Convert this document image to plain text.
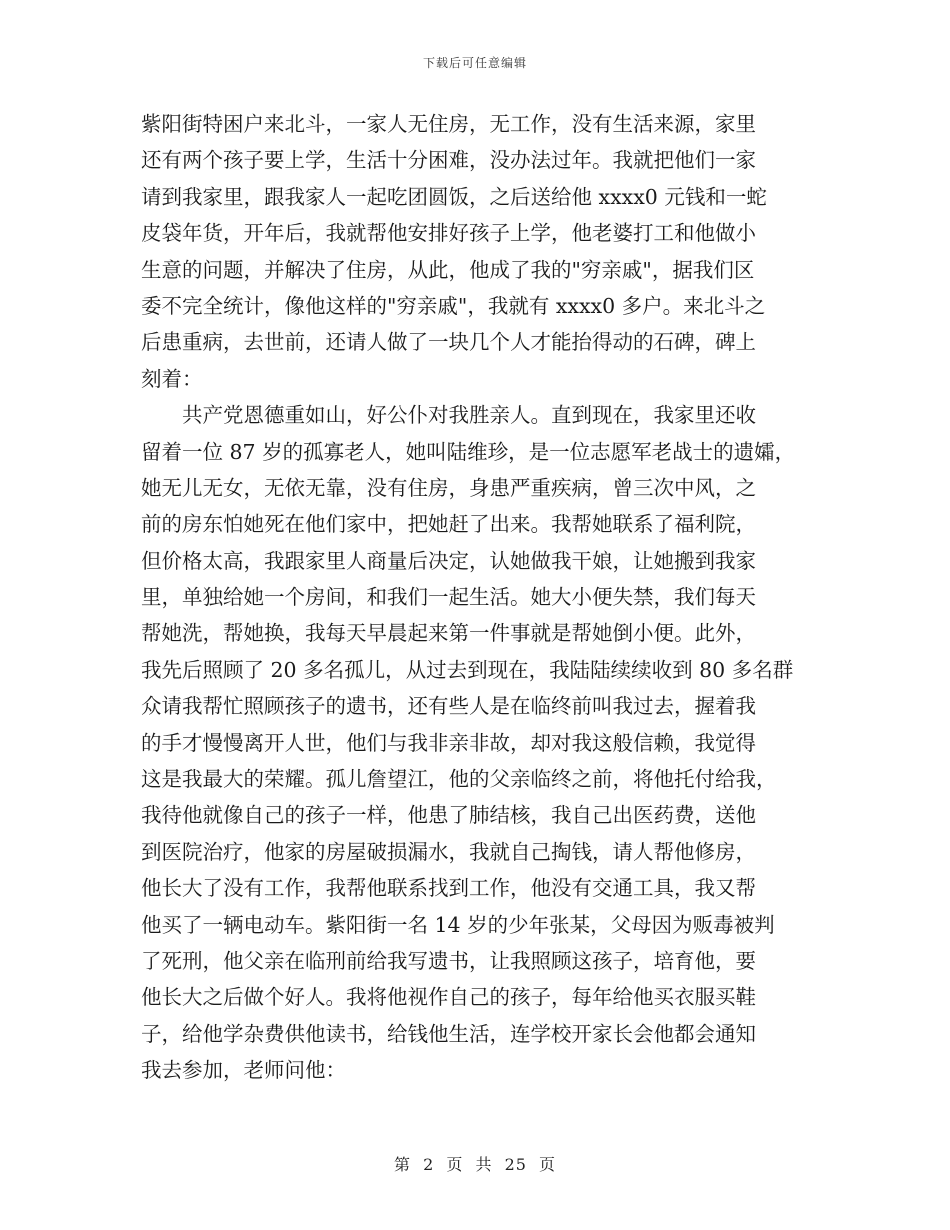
下载后可任意编辑
紫阳街特困户来北斗，一家人无住房，无工作，没有生活来源，家里
还有两个孩子要上学，生活十分困难，没办法过年。我就把他们一家
请到我家里，跟我家人一起吃团圆饭，之后送给他 xxxx0 元钱和一蛇
皮袋年货，开年后，我就帮他安排好孩子上学，他老婆打工和他做小
生意的问题，并解决了住房，从此，他成了我的"穷亲戚"，据我们区
委不完全统计，像他这样的"穷亲戚"，我就有 xxxx0 多户。来北斗之
后患重病，去世前，还请人做了一块几个人才能抬得动的石碑，碑上
刻着：
共产党恩德重如山，好公仆对我胜亲人。直到现在，我家里还收
留着一位 87 岁的孤寡老人，她叫陆维珍，是一位志愿军老战士的遗孀，
她无儿无女，无依无靠，没有住房，身患严重疾病，曾三次中风，之
前的房东怕她死在他们家中，把她赶了出来。我帮她联系了福利院，
但价格太高，我跟家里人商量后决定，认她做我干娘，让她搬到我家
里，单独给她一个房间，和我们一起生活。她大小便失禁，我们每天
帮她洗，帮她换，我每天早晨起来第一件事就是帮她倒小便。此外，
我先后照顾了 20 多名孤儿，从过去到现在，我陆陆续续收到 80 多名群
众请我帮忙照顾孩子的遗书，还有些人是在临终前叫我过去，握着我
的手才慢慢离开人世，他们与我非亲非故，却对我这般信赖，我觉得
这是我最大的荣耀。孤儿詹望江，他的父亲临终之前，将他托付给我，
我待他就像自己的孩子一样，他患了肺结核，我自己出医药费，送他
到医院治疗，他家的房屋破损漏水，我就自己掏钱，请人帮他修房，
他长大了没有工作，我帮他联系找到工作，他没有交通工具，我又帮
他买了一辆电动车。紫阳街一名 14 岁的少年张某，父母因为贩毒被判
了死刑，他父亲在临刑前给我写遗书，让我照顾这孩子，培育他，要
他长大之后做个好人。我将他视作自己的孩子，每年给他买衣服买鞋
子，给他学杂费供他读书，给钱他生活，连学校开家长会他都会通知
我去参加，老师问他：
第 2 页 共 25 页
